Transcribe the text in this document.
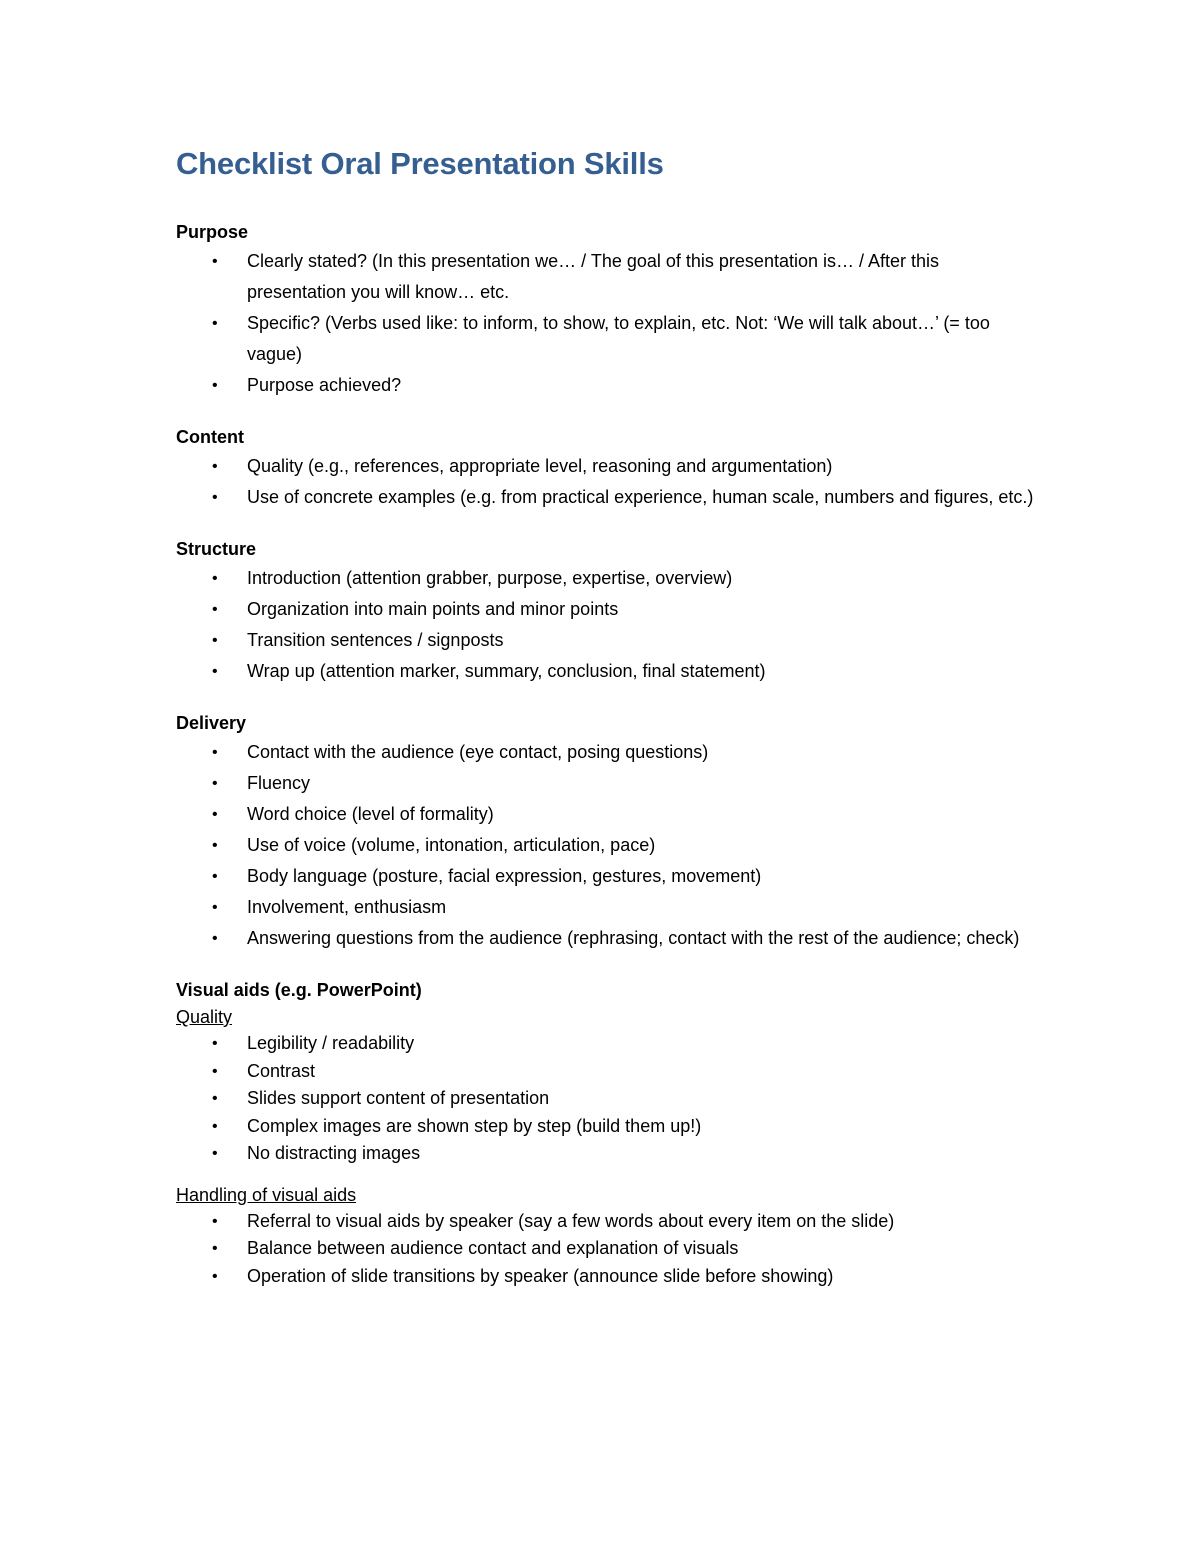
Checklist Oral Presentation Skills
Purpose
• Clearly stated? (In this presentation we… / The goal of this presentation is… / After this presentation you will know… etc.
• Specific? (Verbs used like: to inform, to show, to explain, etc. Not: ‘We will talk about…’ (= too vague)
• Purpose achieved?
Content
• Quality (e.g., references, appropriate level, reasoning and argumentation)
• Use of concrete examples (e.g. from practical experience, human scale, numbers and figures, etc.)
Structure
• Introduction (attention grabber, purpose, expertise, overview)
• Organization into main points and minor points
• Transition sentences / signposts
• Wrap up (attention marker, summary, conclusion, final statement)
Delivery
• Contact with the audience (eye contact, posing questions)
• Fluency
• Word choice (level of formality)
• Use of voice (volume, intonation, articulation, pace)
• Body language (posture, facial expression, gestures, movement)
• Involvement, enthusiasm
• Answering questions from the audience (rephrasing, contact with the rest of the audience; check)
Visual aids (e.g. PowerPoint)
Quality
• Legibility / readability
• Contrast
• Slides support content of presentation
• Complex images are shown step by step (build them up!)
• No distracting images
Handling of visual aids
• Referral to visual aids by speaker (say a few words about every item on the slide)
• Balance between audience contact and explanation of visuals
• Operation of slide transitions by speaker (announce slide before showing)
